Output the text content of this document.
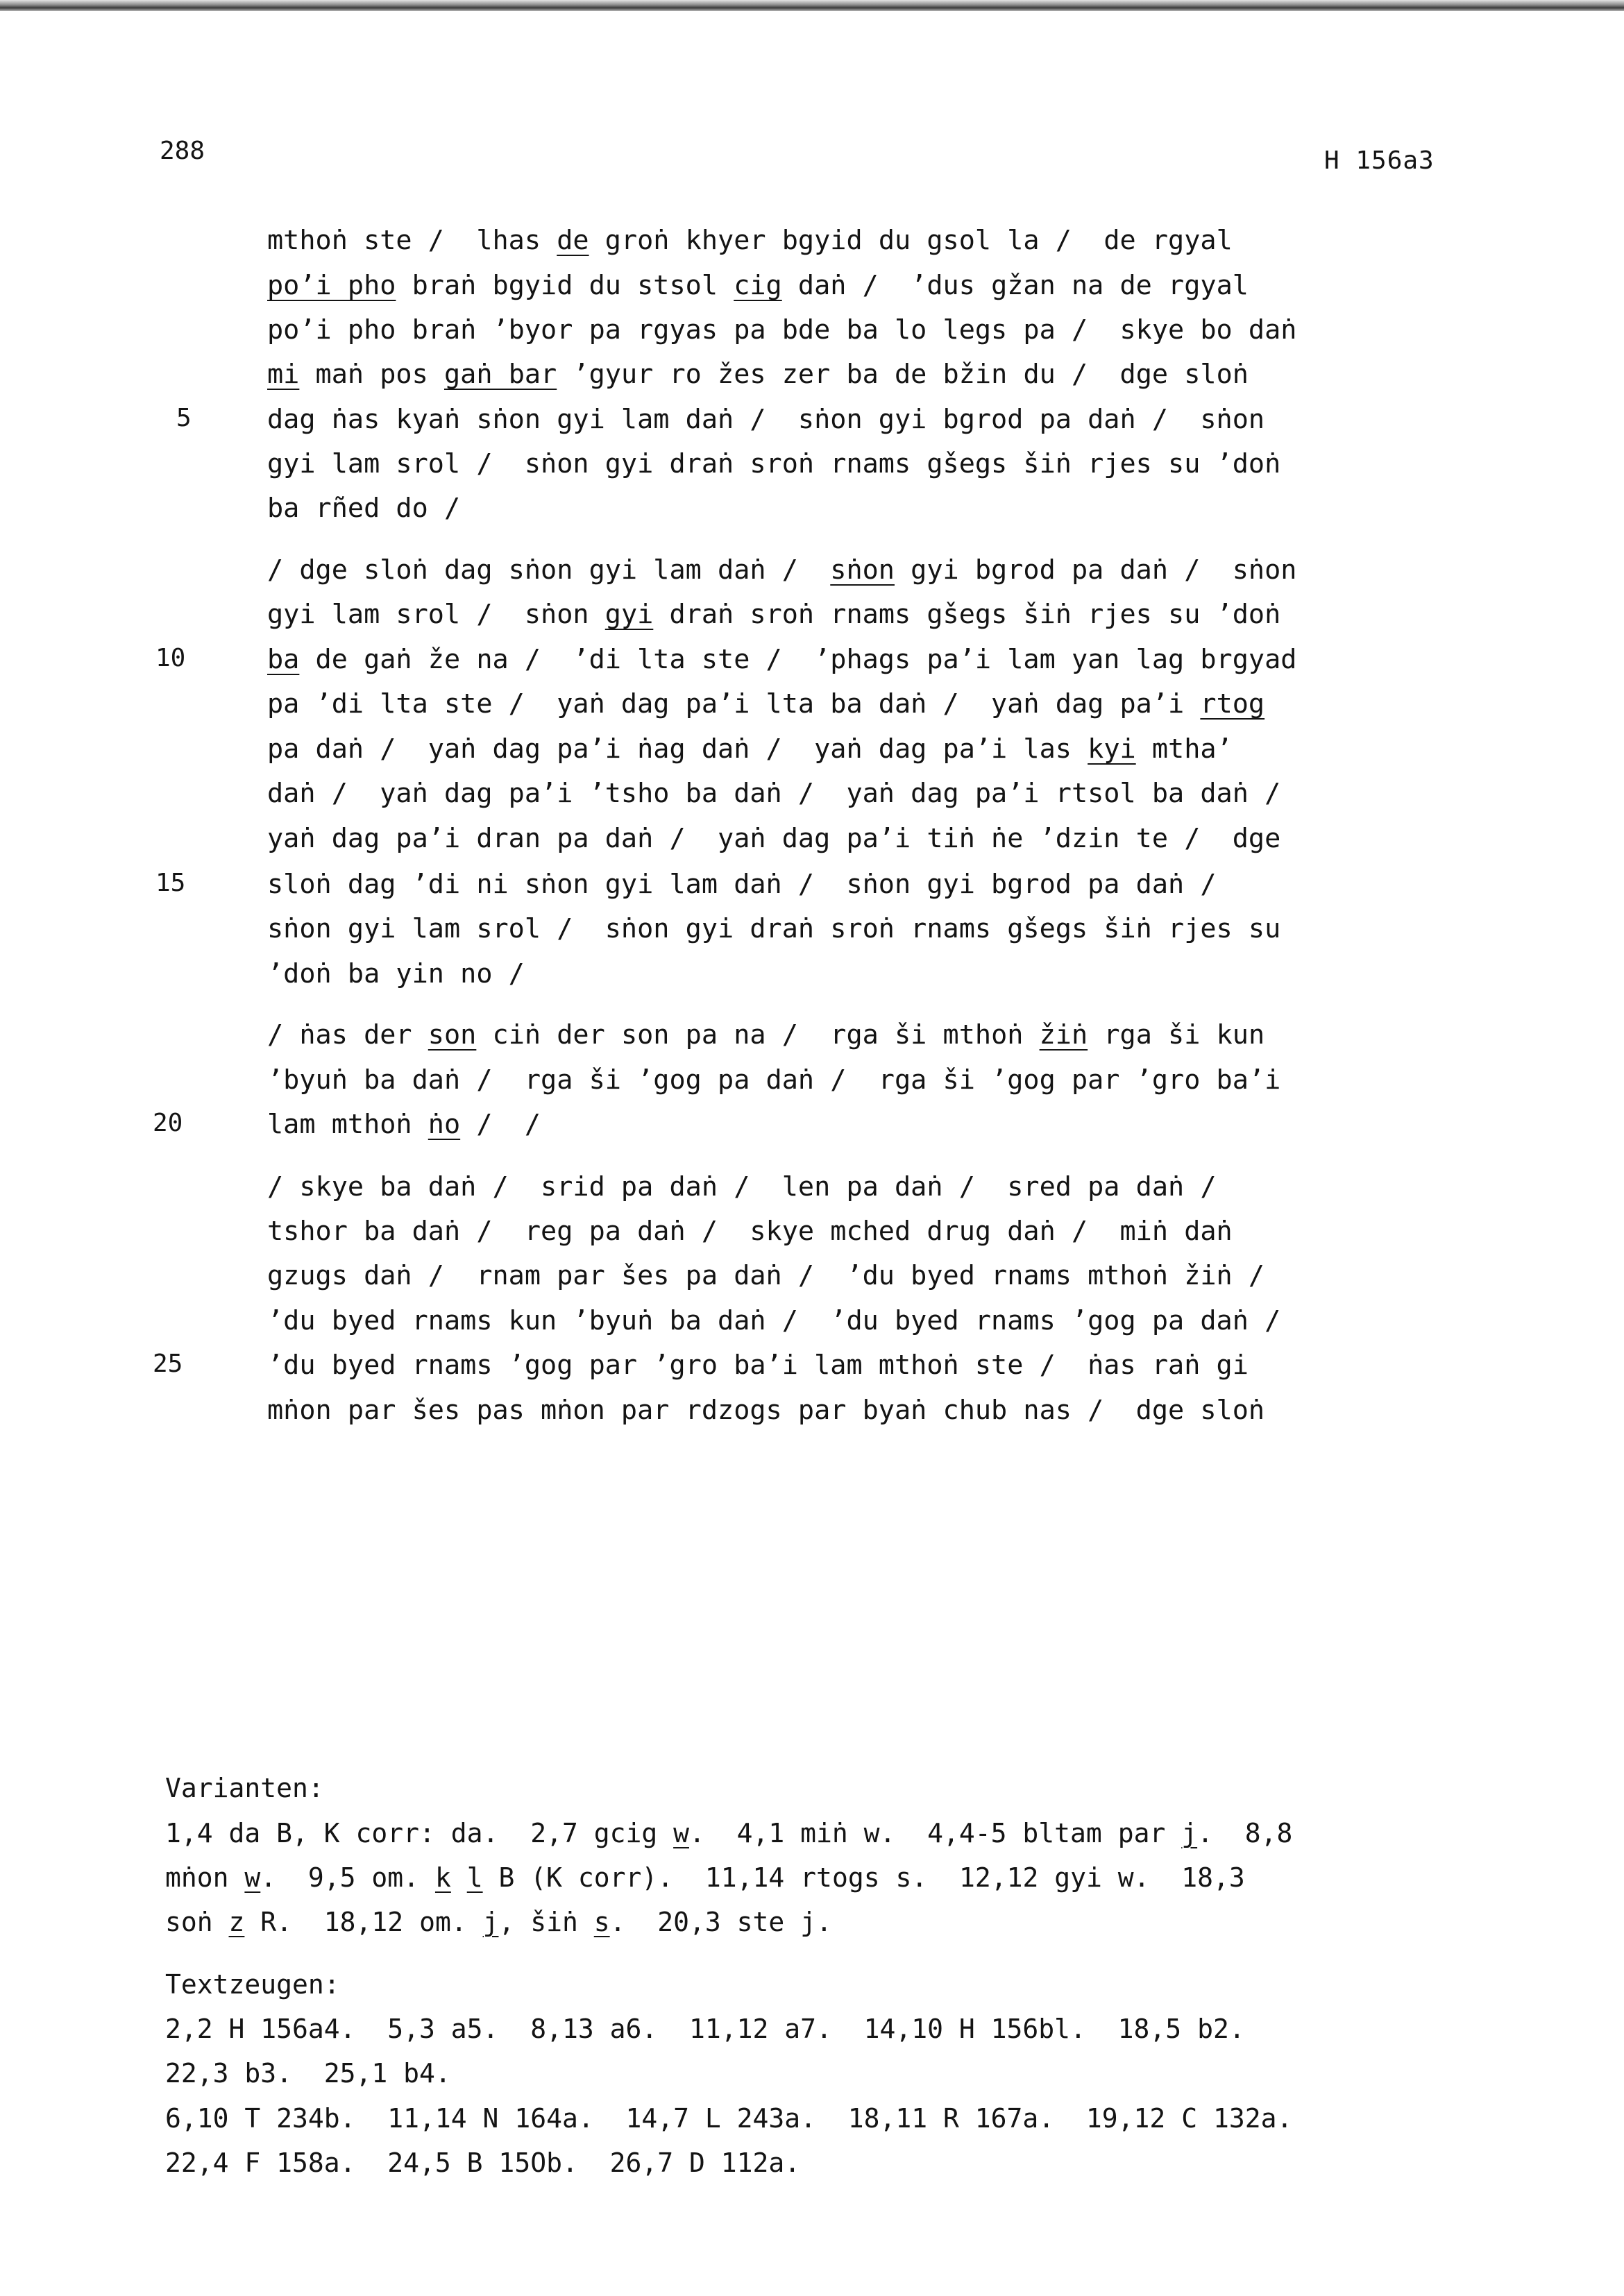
288	H 156a3
5
10
15
20
25
mthoṅ ste /  lhas de groṅ khyer bgyid du gsol la /  de rgyal
po’i pho braṅ bgyid du stsol cig daṅ /  ’dus gžan na de rgyal
po’i pho braṅ ’byor pa rgyas pa bde ba lo legs pa /  skye bo daṅ
mi maṅ pos gaṅ bar ’gyur ro žes zer ba de bžin du /  dge sloṅ
dag ṅas kyaṅ sṅon gyi lam daṅ /  sṅon gyi bgrod pa daṅ /  sṅon
gyi lam srol /  sṅon gyi draṅ sroṅ rnams gšegs šiṅ rjes su ’doṅ
ba rñed do /
/ dge sloṅ dag sṅon gyi lam daṅ /  sṅon gyi bgrod pa daṅ /  sṅon
gyi lam srol /  sṅon gyi draṅ sroṅ rnams gšegs šiṅ rjes su ’doṅ
ba de gaṅ že na /  ’di lta ste /  ’phags pa’i lam yan lag brgyad
pa ’di lta ste /  yaṅ dag pa’i lta ba daṅ /  yaṅ dag pa’i rtog
pa daṅ /  yaṅ dag pa’i ṅag daṅ /  yaṅ dag pa’i las kyi mtha’
daṅ /  yaṅ dag pa’i ’tsho ba daṅ /  yaṅ dag pa’i rtsol ba daṅ /
yaṅ dag pa’i dran pa daṅ /  yaṅ dag pa’i tiṅ ṅe ’dzin te /  dge
sloṅ dag ’di ni sṅon gyi lam daṅ /  sṅon gyi bgrod pa daṅ /
sṅon gyi lam srol /  sṅon gyi draṅ sroṅ rnams gšegs šiṅ rjes su
’doṅ ba yin no /
/ ṅas der son ciṅ der son pa na /  rga ši mthoṅ žiṅ rga ši kun
’byuṅ ba daṅ /  rga ši ’gog pa daṅ /  rga ši ’gog par ’gro ba’i
lam mthoṅ ṅo /  /
/ skye ba daṅ /  srid pa daṅ /  len pa daṅ /  sred pa daṅ /
tshor ba daṅ /  reg pa daṅ /  skye mched drug daṅ /  miṅ daṅ
gzugs daṅ /  rnam par šes pa daṅ /  ’du byed rnams mthoṅ žiṅ /
’du byed rnams kun ’byuṅ ba daṅ /  ’du byed rnams ’gog pa daṅ /
’du byed rnams ’gog par ’gro ba’i lam mthoṅ ste /  ṅas raṅ gi
mṅon par šes pas mṅon par rdzogs par byaṅ chub nas /  dge sloṅ
Varianten:
1,4 da B, K corr: da.  2,7 gcig w.  4,1 miṅ w.  4,4-5 bltam par j.  8,8
mṅon w.  9,5 om. k l B (K corr).  11,14 rtogs s.  12,12 gyi w.  18,3
soṅ z R.  18,12 om. j, šiṅ s.  20,3 ste j.
Textzeugen:
2,2 H 156a4.  5,3 a5.  8,13 a6.  11,12 a7.  14,10 H 156bl.  18,5 b2.
22,3 b3.  25,1 b4.
6,10 T 234b.  11,14 N 164a.  14,7 L 243a.  18,11 R 167a.  19,12 C 132a.
22,4 F 158a.  24,5 B 15Ob.  26,7 D 112a.
